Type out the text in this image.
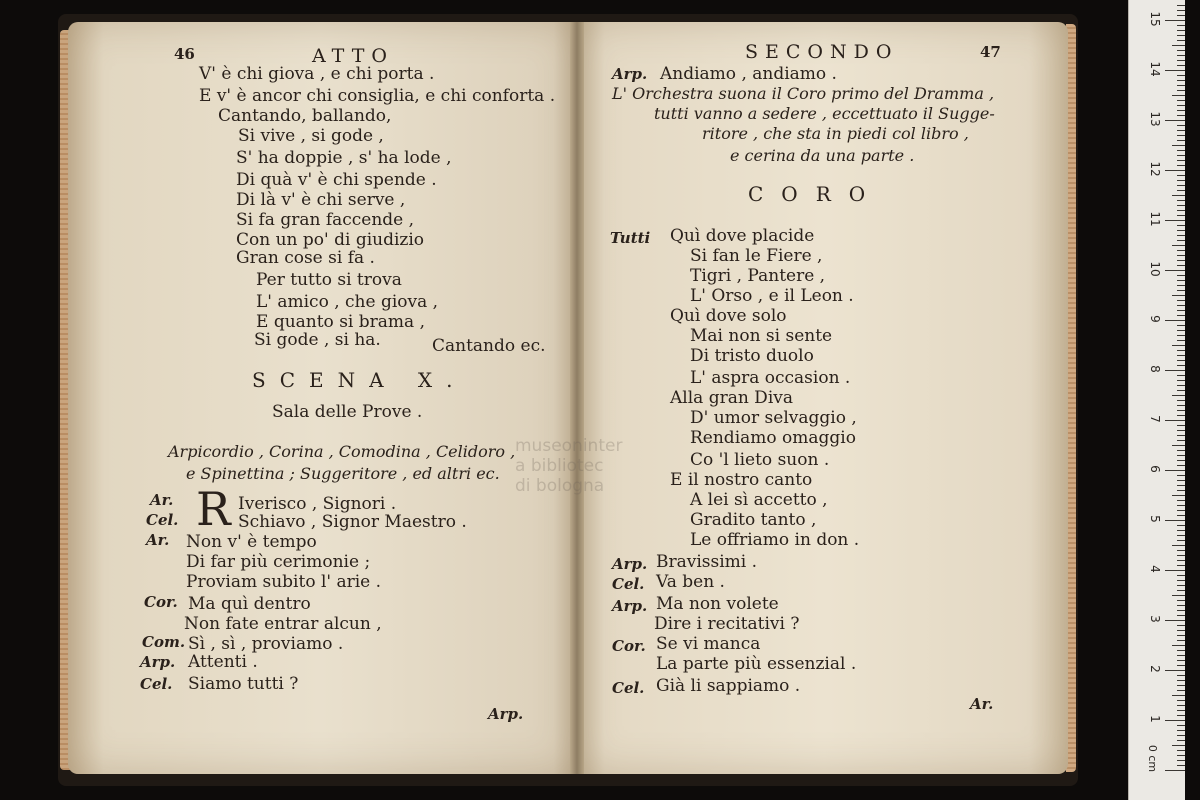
46	ATTO
V' è chi giova , e chi porta .
E v' è ancor chi consiglia, e chi conforta .
Cantando, ballando,
Si vive , si gode ,
S' ha doppie , s' ha lode ,
Di quà v' è chi spende .
Di là v' è chi serve ,
Si fa gran faccende ,
Con un po' di giudizio
Gran cose si fa .
Per tutto si trova
L' amico , che giova ,
E quanto si brama ,
Si gode , si ha.	Cantando ec.
SCENA X.
Sala delle Prove .
Arpicordio , Corina , Comodina , Celidoro ,
e Spinettina ; Suggeritore , ed altri ec.
R
Ar.	Iverisco , Signori .
Cel.	Schiavo , Signor Maestro .
Ar. Non v' è tempo
Di far più cerimonie ;
Proviam subito l' arie .
Cor. Ma quì dentro
Non fate entrar alcun ,
Com. Sì , sì , proviamo .
Arp. Attenti .
Cel. Siamo tutti ?
Arp.
SECONDO	47
Arp. Andiamo , andiamo .
L' Orchestra suona il Coro primo del Dramma ,
tutti vanno a sedere , eccettuato il Sugge-
ritore , che sta in piedi col libro ,
e cerina da una parte .
CORO
Tutti Quì dove placide
Si fan le Fiere ,
Tigri , Pantere ,
L' Orso , e il Leon .
Quì dove solo
Mai non si sente
Di tristo duolo
L' aspra occasion .
Alla gran Diva
D' umor selvaggio ,
Rendiamo omaggio
Co 'l lieto suon .
E il nostro canto
A lei sì accetto ,
Gradito tanto ,
Le offriamo in don .
Arp. Bravissimi .
Cel. Va ben .
Arp. Ma non volete
Dire i recitativi ?
Cor. Se vi manca
La parte più essenzial .
Cel. Già li sappiamo .
Ar.
museoninter
a bibliotec
di bologna
0 cm
1
2
3
4
5
6
7
8
9
10
11
12
13
14
15
